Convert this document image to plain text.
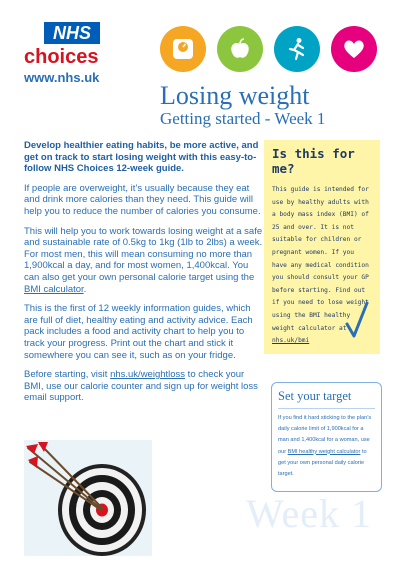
NHS
choices
www.nhs.uk
Losing weight
Getting started - Week 1

Develop healthier eating habits, be more active, and get on track to start losing weight with this easy-to-follow NHS Choices 12-week guide.

If people are overweight, it’s usually because they eat and drink more calories than they need. This guide will help you to reduce the number of calories you consume.

This will help you to work towards losing weight at a safe and sustainable rate of 0.5kg to 1kg (1lb to 2lbs) a week. For most men, this will mean consuming no more than 1,900kcal a day, and for most women, 1,400kcal. You can also get your own personal calorie target using the BMI calculator.

This is the first of 12 weekly information guides, which are full of diet, healthy eating and activity advice. Each pack includes a food and activity chart to help you to track your progress. Print out the chart and stick it somewhere you can see it, such as on your fridge.

Before starting, visit nhs.uk/weightloss to check your BMI, use our calorie counter and sign up for weight loss email support.

Is this for me?
This guide is intended for use by healthy adults with a body mass index (BMI) of 25 and over. It is not suitable for children or pregnant women. If you have any medical condition you should consult your GP before starting. Find out if you need to lose weight using the BMI healthy weight calculator at nhs.uk/bmi
Set your target
If you find it hard sticking to the plan’s daily calorie limit of 1,900kcal for a man and 1,400kcal for a woman, use our BMI healthy weight calculator to get your own personal daily calorie target.
Week 1
